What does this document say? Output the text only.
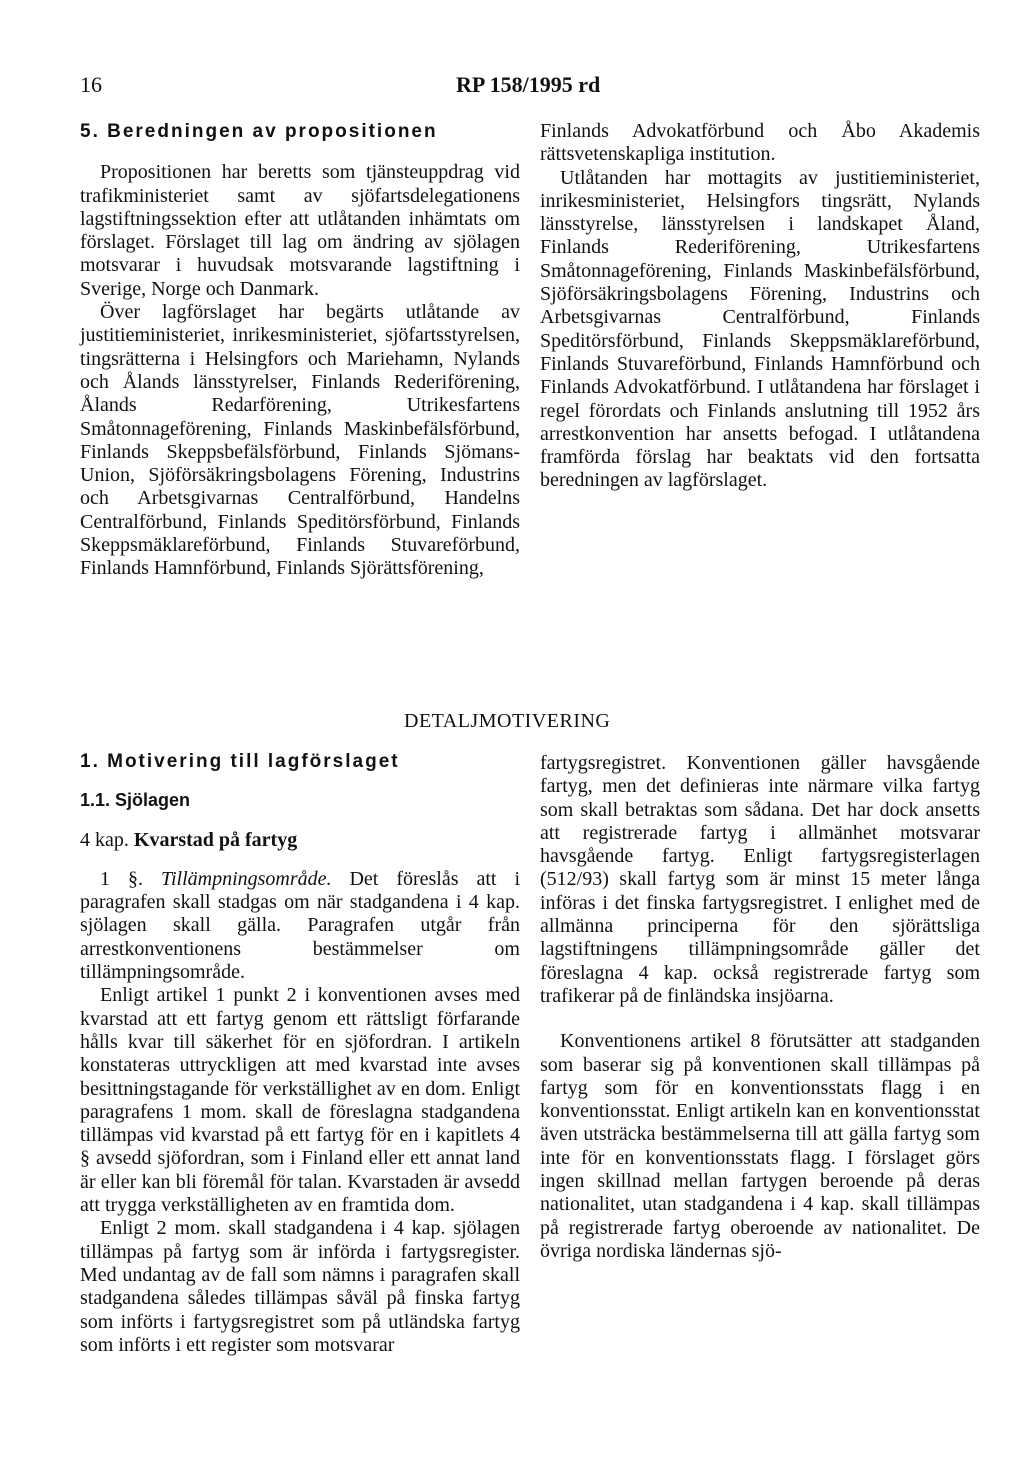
16	RP 158/1995 rd

5. Beredningen av propositionen

Propositionen har beretts som tjänsteuppdrag vid trafikministeriet samt av sjöfartsdelegationens lagstiftningssektion efter att utlåtanden inhämtats om förslaget. Förslaget till lag om ändring av sjölagen motsvarar i huvudsak motsvarande lagstiftning i Sverige, Norge och Danmark.

Över lagförslaget har begärts utlåtande av justitieministeriet, inrikesministeriet, sjöfartsstyrelsen, tingsrätterna i Helsingfors och Mariehamn, Nylands och Ålands länsstyrelser, Finlands Rederiförening, Ålands Redarförening, Utrikesfartens Småtonnageförening, Finlands Maskinbefälsförbund, Finlands Skeppsbefälsförbund, Finlands Sjömans-Union, Sjöförsäkringsbolagens Förening, Industrins och Arbetsgivarnas Centralförbund, Handelns Centralförbund, Finlands Speditörsförbund, Finlands Skeppsmäklareförbund, Finlands Stuvareförbund, Finlands Hamnförbund, Finlands Sjörättsförening,

Finlands Advokatförbund och Åbo Akademis rättsvetenskapliga institution.

Utlåtanden har mottagits av justitieministeriet, inrikesministeriet, Helsingfors tingsrätt, Nylands länsstyrelse, länsstyrelsen i landskapet Åland, Finlands Rederiförening, Utrikesfartens Småtonnageförening, Finlands Maskinbefälsförbund, Sjöförsäkringsbolagens Förening, Industrins och Arbetsgivarnas Centralförbund, Finlands Speditörsförbund, Finlands Skeppsmäklareförbund, Finlands Stuvareförbund, Finlands Hamnförbund och Finlands Advokatförbund. I utlåtandena har förslaget i regel förordats och Finlands anslutning till 1952 års arrestkonvention har ansetts befogad. I utlåtandena framförda förslag har beaktats vid den fortsatta beredningen av lagförslaget.

DETALJMOTIVERING

1. Motivering till lagförslaget

1.1. Sjölagen

4 kap. Kvarstad på fartyg

1 §. Tillämpningsområde. Det föreslås att i paragrafen skall stadgas om när stadgandena i 4 kap. sjölagen skall gälla. Paragrafen utgår från arrestkonventionens bestämmelser om tillämpningsområde.

Enligt artikel 1 punkt 2 i konventionen avses med kvarstad att ett fartyg genom ett rättsligt förfarande hålls kvar till säkerhet för en sjöfordran. I artikeln konstateras uttryckligen att med kvarstad inte avses besittningstagande för verkställighet av en dom. Enligt paragrafens 1 mom. skall de föreslagna stadgandena tillämpas vid kvarstad på ett fartyg för en i kapitlets 4 § avsedd sjöfordran, som i Finland eller ett annat land är eller kan bli föremål för talan. Kvarstaden är avsedd att trygga verkställigheten av en framtida dom.

Enligt 2 mom. skall stadgandena i 4 kap. sjölagen tillämpas på fartyg som är införda i fartygsregister. Med undantag av de fall som nämns i paragrafen skall stadgandena således tillämpas såväl på finska fartyg som införts i fartygsregistret som på utländska fartyg som införts i ett register som motsvarar

fartygsregistret. Konventionen gäller havsgående fartyg, men det definieras inte närmare vilka fartyg som skall betraktas som sådana. Det har dock ansetts att registrerade fartyg i allmänhet motsvarar havsgående fartyg. Enligt fartygsregisterlagen (512/93) skall fartyg som är minst 15 meter långa införas i det finska fartygsregistret. I enlighet med de allmänna principerna för den sjörättsliga lagstiftningens tillämpningsområde gäller det föreslagna 4 kap. också registrerade fartyg som trafikerar på de finländska insjöarna.

Konventionens artikel 8 förutsätter att stadganden som baserar sig på konventionen skall tillämpas på fartyg som för en konventionsstats flagg i en konventionsstat. Enligt artikeln kan en konventionsstat även utsträcka bestämmelserna till att gälla fartyg som inte för en konventionsstats flagg. I förslaget görs ingen skillnad mellan fartygen beroende på deras nationalitet, utan stadgandena i 4 kap. skall tillämpas på registrerade fartyg oberoende av nationalitet. De övriga nordiska ländernas sjö-
